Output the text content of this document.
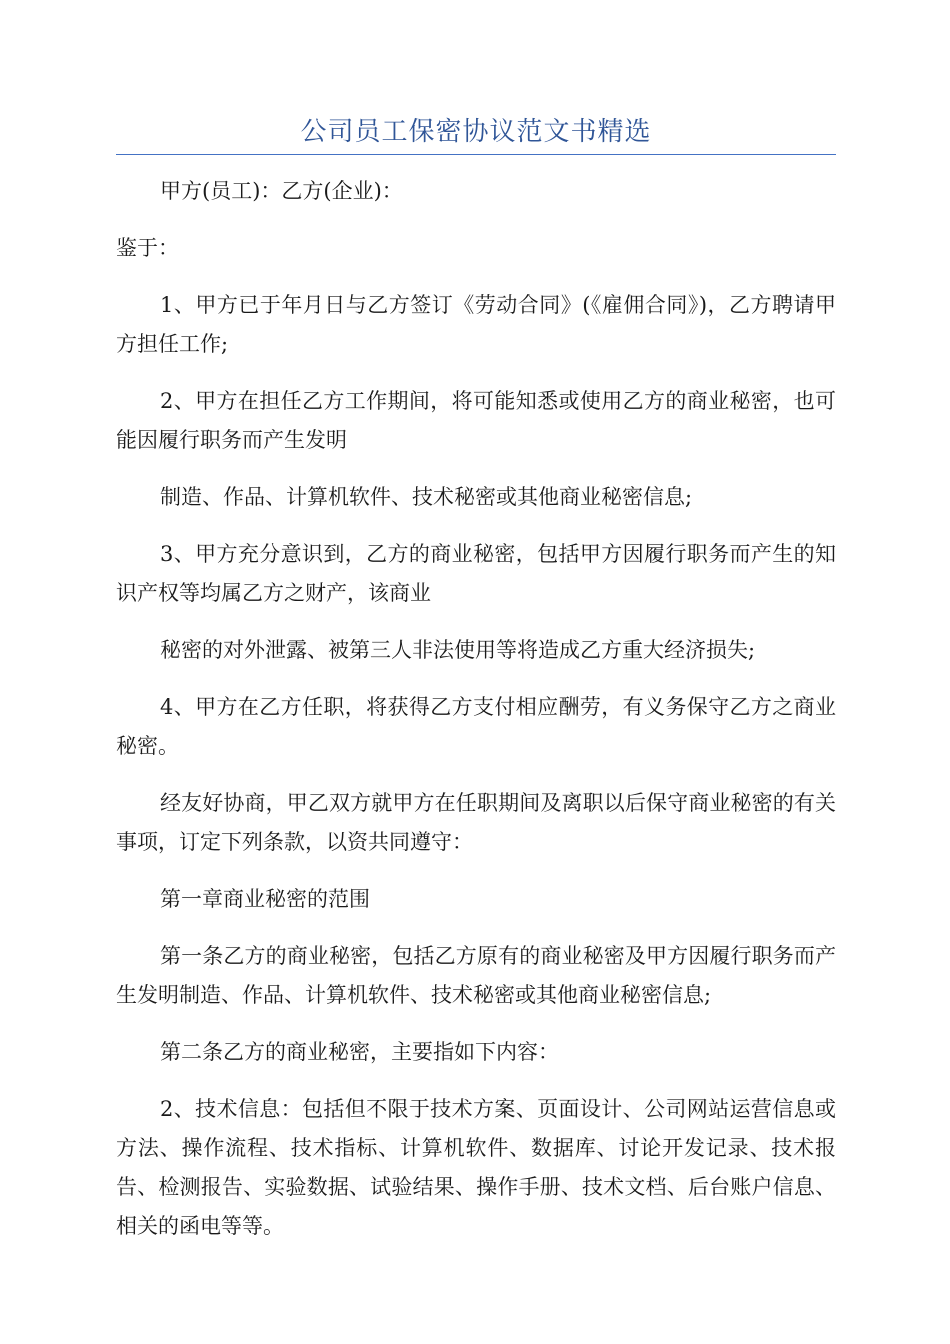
公司员工保密协议范文书精选

甲方(员工)：乙方(企业)：

鉴于：

1、甲方已于年月日与乙方签订《劳动合同》(《雇佣合同》)，乙方聘请甲方担任工作;

2、甲方在担任乙方工作期间，将可能知悉或使用乙方的商业秘密，也可能因履行职务而产生发明

制造、作品、计算机软件、技术秘密或其他商业秘密信息;

3、甲方充分意识到，乙方的商业秘密，包括甲方因履行职务而产生的知识产权等均属乙方之财产，该商业

秘密的对外泄露、被第三人非法使用等将造成乙方重大经济损失;

4、甲方在乙方任职，将获得乙方支付相应酬劳，有义务保守乙方之商业秘密。

经友好协商，甲乙双方就甲方在任职期间及离职以后保守商业秘密的有关事项，订定下列条款，以资共同遵守：

第一章商业秘密的范围

第一条乙方的商业秘密，包括乙方原有的商业秘密及甲方因履行职务而产生发明制造、作品、计算机软件、技术秘密或其他商业秘密信息;

第二条乙方的商业秘密，主要指如下内容：

2、技术信息：包括但不限于技术方案、页面设计、公司网站运营信息或方法、操作流程、技术指标、计算机软件、数据库、讨论开发记录、技术报告、检测报告、实验数据、试验结果、操作手册、技术文档、后台账户信息、相关的函电等等。
